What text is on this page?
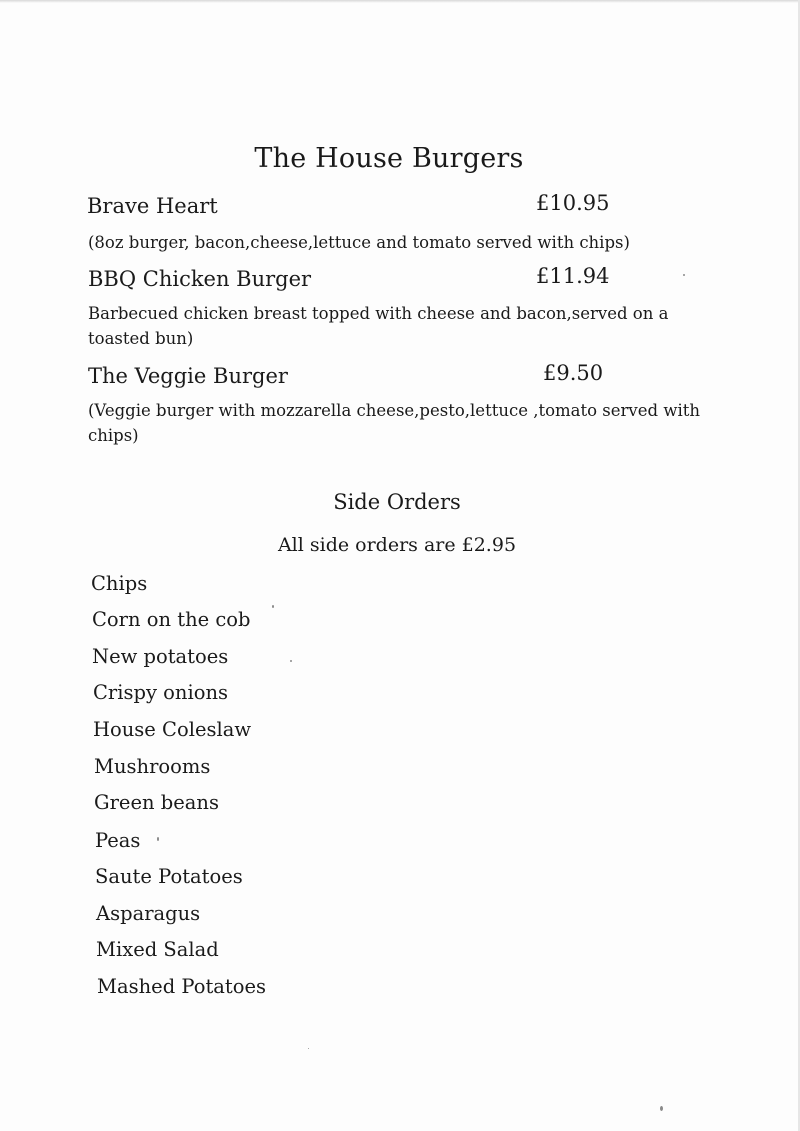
The House Burgers
Brave Heart	£10.95
(8oz burger, bacon,cheese,lettuce and tomato served with chips)
BBQ Chicken Burger	£11.94
Barbecued chicken breast topped with cheese and bacon,served on a toasted bun)
The Veggie Burger	£9.50
(Veggie burger with mozzarella cheese,pesto,lettuce ,tomato served with chips)
Side Orders
All side orders are £2.95
Chips
Corn on the cob
New potatoes
Crispy onions
House Coleslaw
Mushrooms
Green beans
Peas
Saute Potatoes
Asparagus
Mixed Salad
Mashed Potatoes
